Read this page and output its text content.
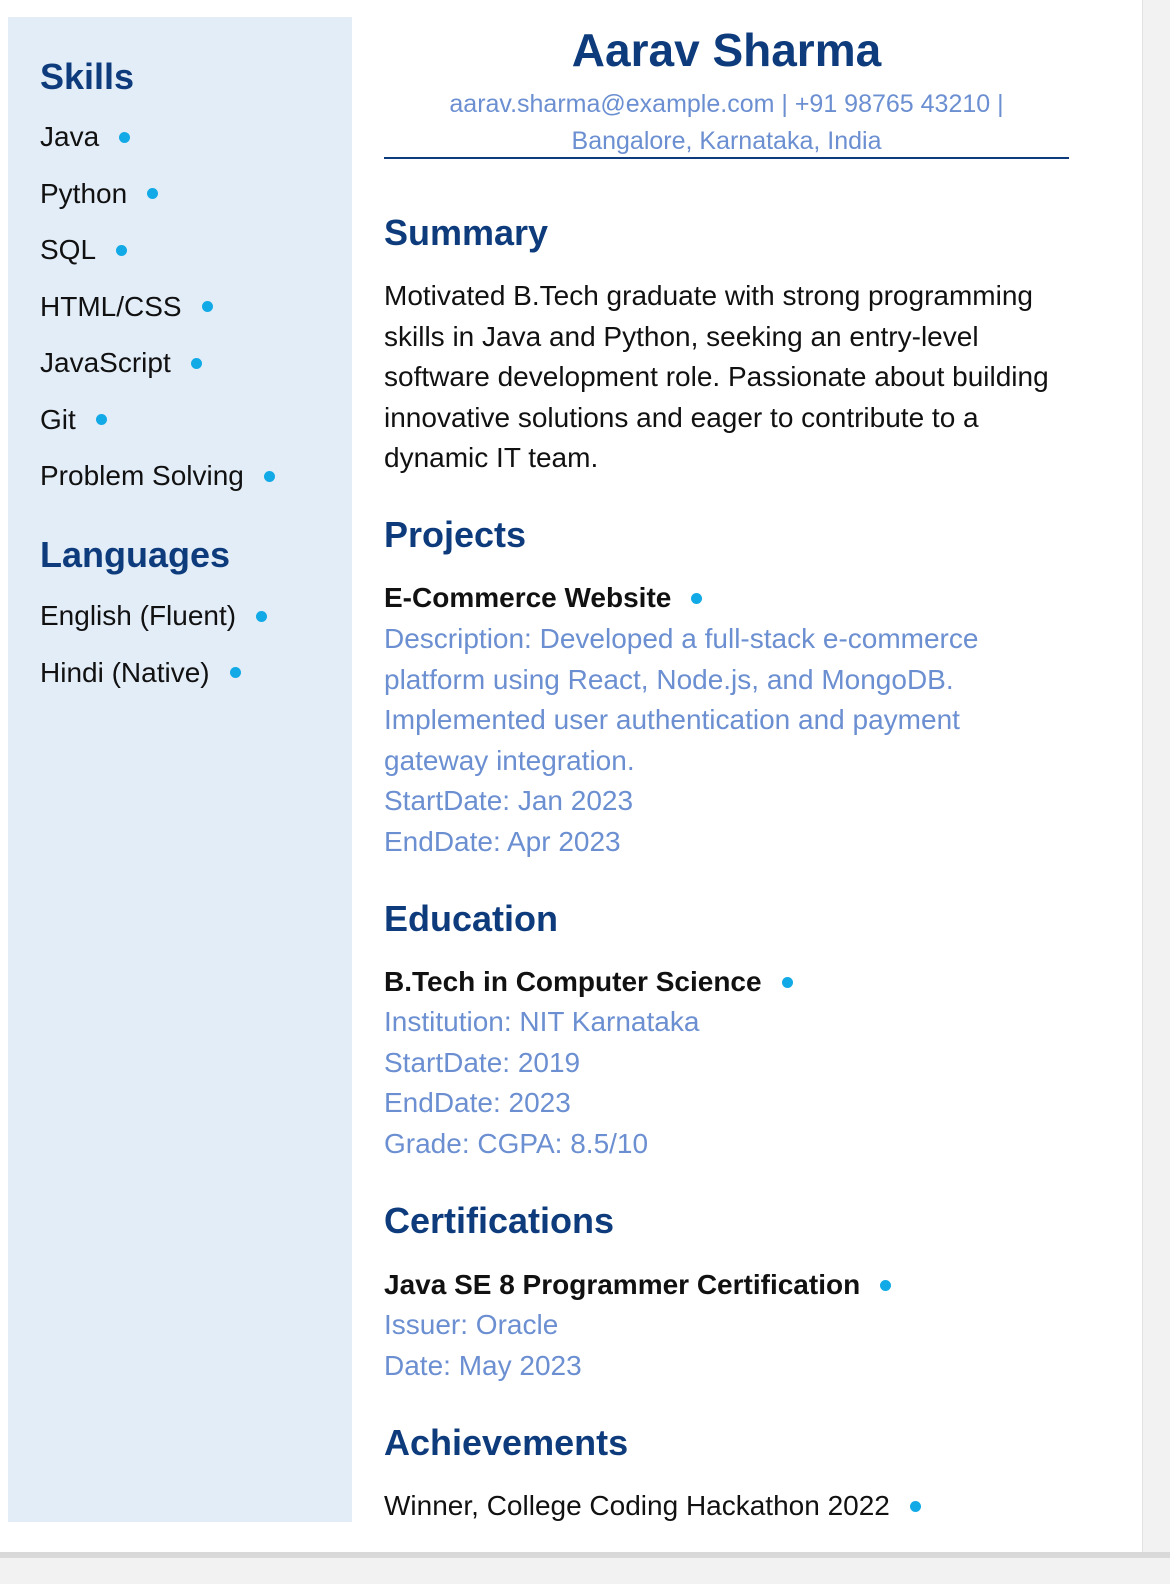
Skills
Java
Python
SQL
HTML/CSS
JavaScript
Git
Problem Solving
Languages
English (Fluent)
Hindi (Native)
Aarav Sharma
aarav.sharma@example.com | +91 98765 43210 |
Bangalore, Karnataka, India
Summary
Motivated B.Tech graduate with strong programming skills in Java and Python, seeking an entry-level software development role. Passionate about building innovative solutions and eager to contribute to a dynamic IT team.
Projects
E-Commerce Website
Description: Developed a full-stack e-commerce platform using React, Node.js, and MongoDB. Implemented user authentication and payment gateway integration.
StartDate: Jan 2023
EndDate: Apr 2023
Education
B.Tech in Computer Science
Institution: NIT Karnataka
StartDate: 2019
EndDate: 2023
Grade: CGPA: 8.5/10
Certifications
Java SE 8 Programmer Certification
Issuer: Oracle
Date: May 2023
Achievements
Winner, College Coding Hackathon 2022
